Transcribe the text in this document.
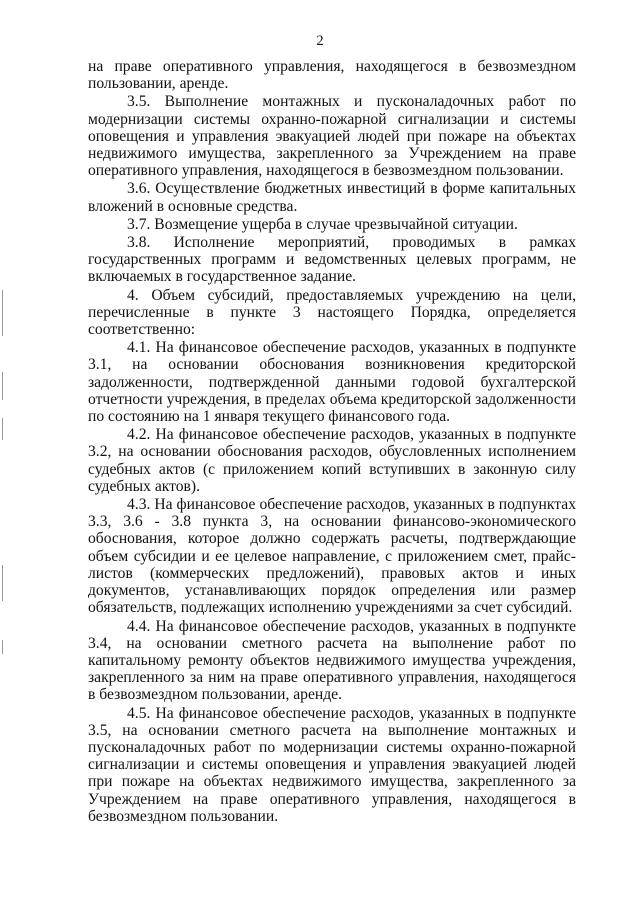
2

на праве оперативного управления, находящегося в безвозмездном пользовании, аренде.

3.5. Выполнение монтажных и пусконаладочных работ по модернизации системы охранно-пожарной сигнализации и системы оповещения и управления эвакуацией людей при пожаре на объектах недвижимого имущества, закрепленного за Учреждением на праве оперативного управления, находящегося в безвозмездном пользовании.

3.6. Осуществление бюджетных инвестиций в форме капитальных вложений в основные средства.

3.7. Возмещение ущерба в случае чрезвычайной ситуации.

3.8. Исполнение мероприятий, проводимых в рамках государственных программ и ведомственных целевых программ, не включаемых в государственное задание.

4. Объем субсидий, предоставляемых учреждению на цели, перечисленные в пункте 3 настоящего Порядка, определяется соответственно:

4.1. На финансовое обеспечение расходов, указанных в подпункте 3.1, на основании обоснования возникновения кредиторской задолженности, подтвержденной данными годовой бухгалтерской отчетности учреждения, в пределах объема кредиторской задолженности по состоянию на 1 января текущего финансового года.

4.2. На финансовое обеспечение расходов, указанных в подпункте 3.2, на основании обоснования расходов, обусловленных исполнением судебных актов (с приложением копий вступивших в законную силу судебных актов).

4.3. На финансовое обеспечение расходов, указанных в подпунктах 3.3, 3.6 - 3.8 пункта 3, на основании финансово-экономического обоснования, которое должно содержать расчеты, подтверждающие объем субсидии и ее целевое направление, с приложением смет, прайс-листов (коммерческих предложений), правовых актов и иных документов, устанавливающих порядок определения или размер обязательств, подлежащих исполнению учреждениями за счет субсидий.

4.4. На финансовое обеспечение расходов, указанных в подпункте 3.4, на основании сметного расчета на выполнение работ по капитальному ремонту объектов недвижимого имущества учреждения, закрепленного за ним на праве оперативного управления, находящегося в безвозмездном пользовании, аренде.

4.5. На финансовое обеспечение расходов, указанных в подпункте 3.5, на основании сметного расчета на выполнение монтажных и пусконаладочных работ по модернизации системы охранно-пожарной сигнализации и системы оповещения и управления эвакуацией людей при пожаре на объектах недвижимого имущества, закрепленного за Учреждением на праве оперативного управления, находящегося в безвозмездном пользовании.
